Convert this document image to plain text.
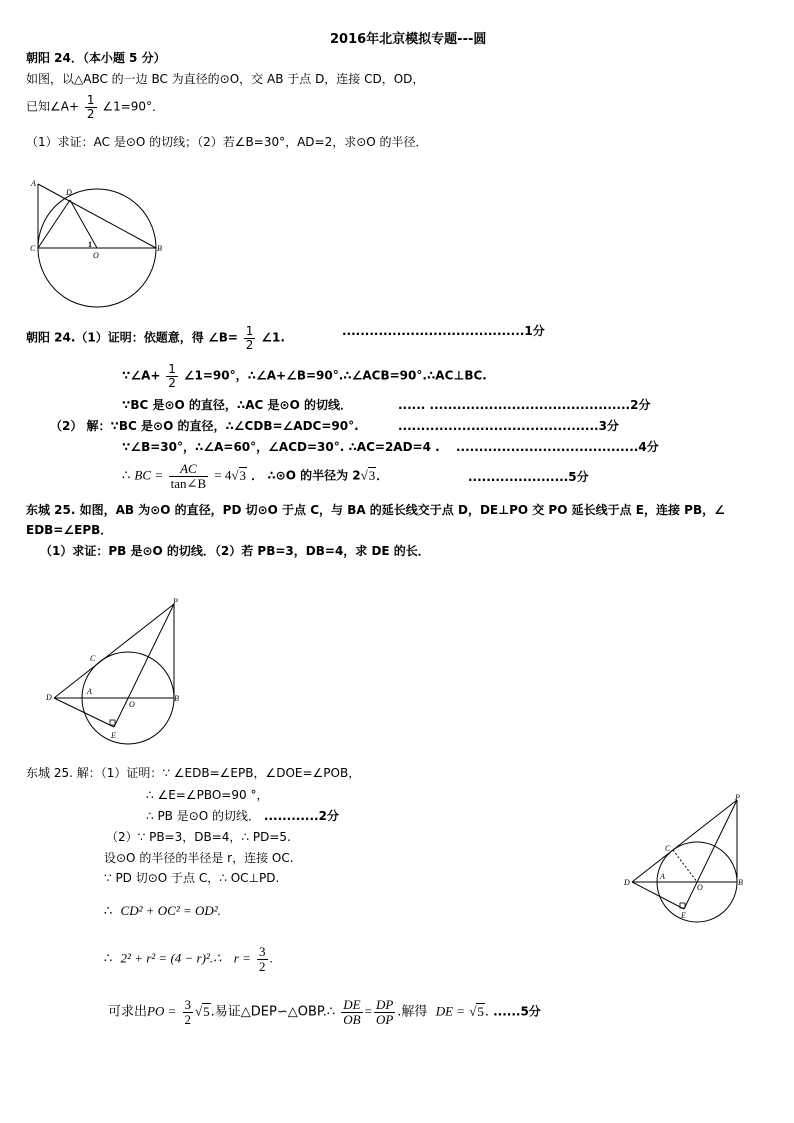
2016年北京模拟专题---圆
朝阳 24．（本小题 5 分）
如图，以△ABC 的一边 BC 为直径的⊙O，交 AB 于点 D，连接 CD，OD，
已知∠A+ $\frac{1}{2}$ ∠1=90°．
（1）求证：AC 是⊙O 的切线；（2）若∠B=30°，AD=2，求⊙O 的半径．
A
D
C	B
O
1
朝阳 24.（1）证明：依题意，得 ∠B= $\frac{1}{2}$ ∠1.	........................................1分
∵∠A+ $\frac{1}{2}$ ∠1=90°，∴∠A+∠B=90°.∴∠ACB=90°.∴AC⊥BC.
∵BC 是⊙O 的直径，∴AC 是⊙O 的切线．	...... ............................................2分
（2） 解：∵BC 是⊙O 的直径，∴∠CDB=∠ADC=90°.	............................................3分
∵∠B=30°，∴∠A=60°，∠ACD=30°. ∴AC=2AD=4 . ........................................4分
∴ BC = $\frac{AC}{\tan\angle B} = 4√3$ ． ∴⊙O 的半径为 2√3．	......................5分
东城 25. 如图，AB 为⊙O 的直径，PD 切⊙O 于点 C，与 BA 的延长线交于点 D，DE⊥PO 交 PO 延长线于点 E，连接 PB，∠
EDB=∠EPB．
（1）求证：PB 是⊙O 的切线．（2）若 PB=3，DB=4，求 DE 的长．
P
C
D
A
O
B
E
东城 25. 解：（1）证明：∵ ∠EDB=∠EPB，∠DOE=∠POB，
∴ ∠E=∠PBO=90 °，
∴ PB 是⊙O 的切线． ............2分
（2）∵ PB=3，DB=4，∴ PD=5.
设⊙O 的半径的半径是 r，连接 OC.
∵ PD 切⊙O 于点 C，∴ OC⊥PD.
∴ CD² + OC² = OD².
∴ 2² + r² = (4 − r)².∴ $r = \frac{3}{2}$ .
可求出PO = $\frac{3}{2} √5$.易证△DEP∽△OBP.∴ $\frac{DE}{OB} = \frac{DP}{OP}$ .解得 DE = √5. ......5分
P
C
D
A
O
B
E
